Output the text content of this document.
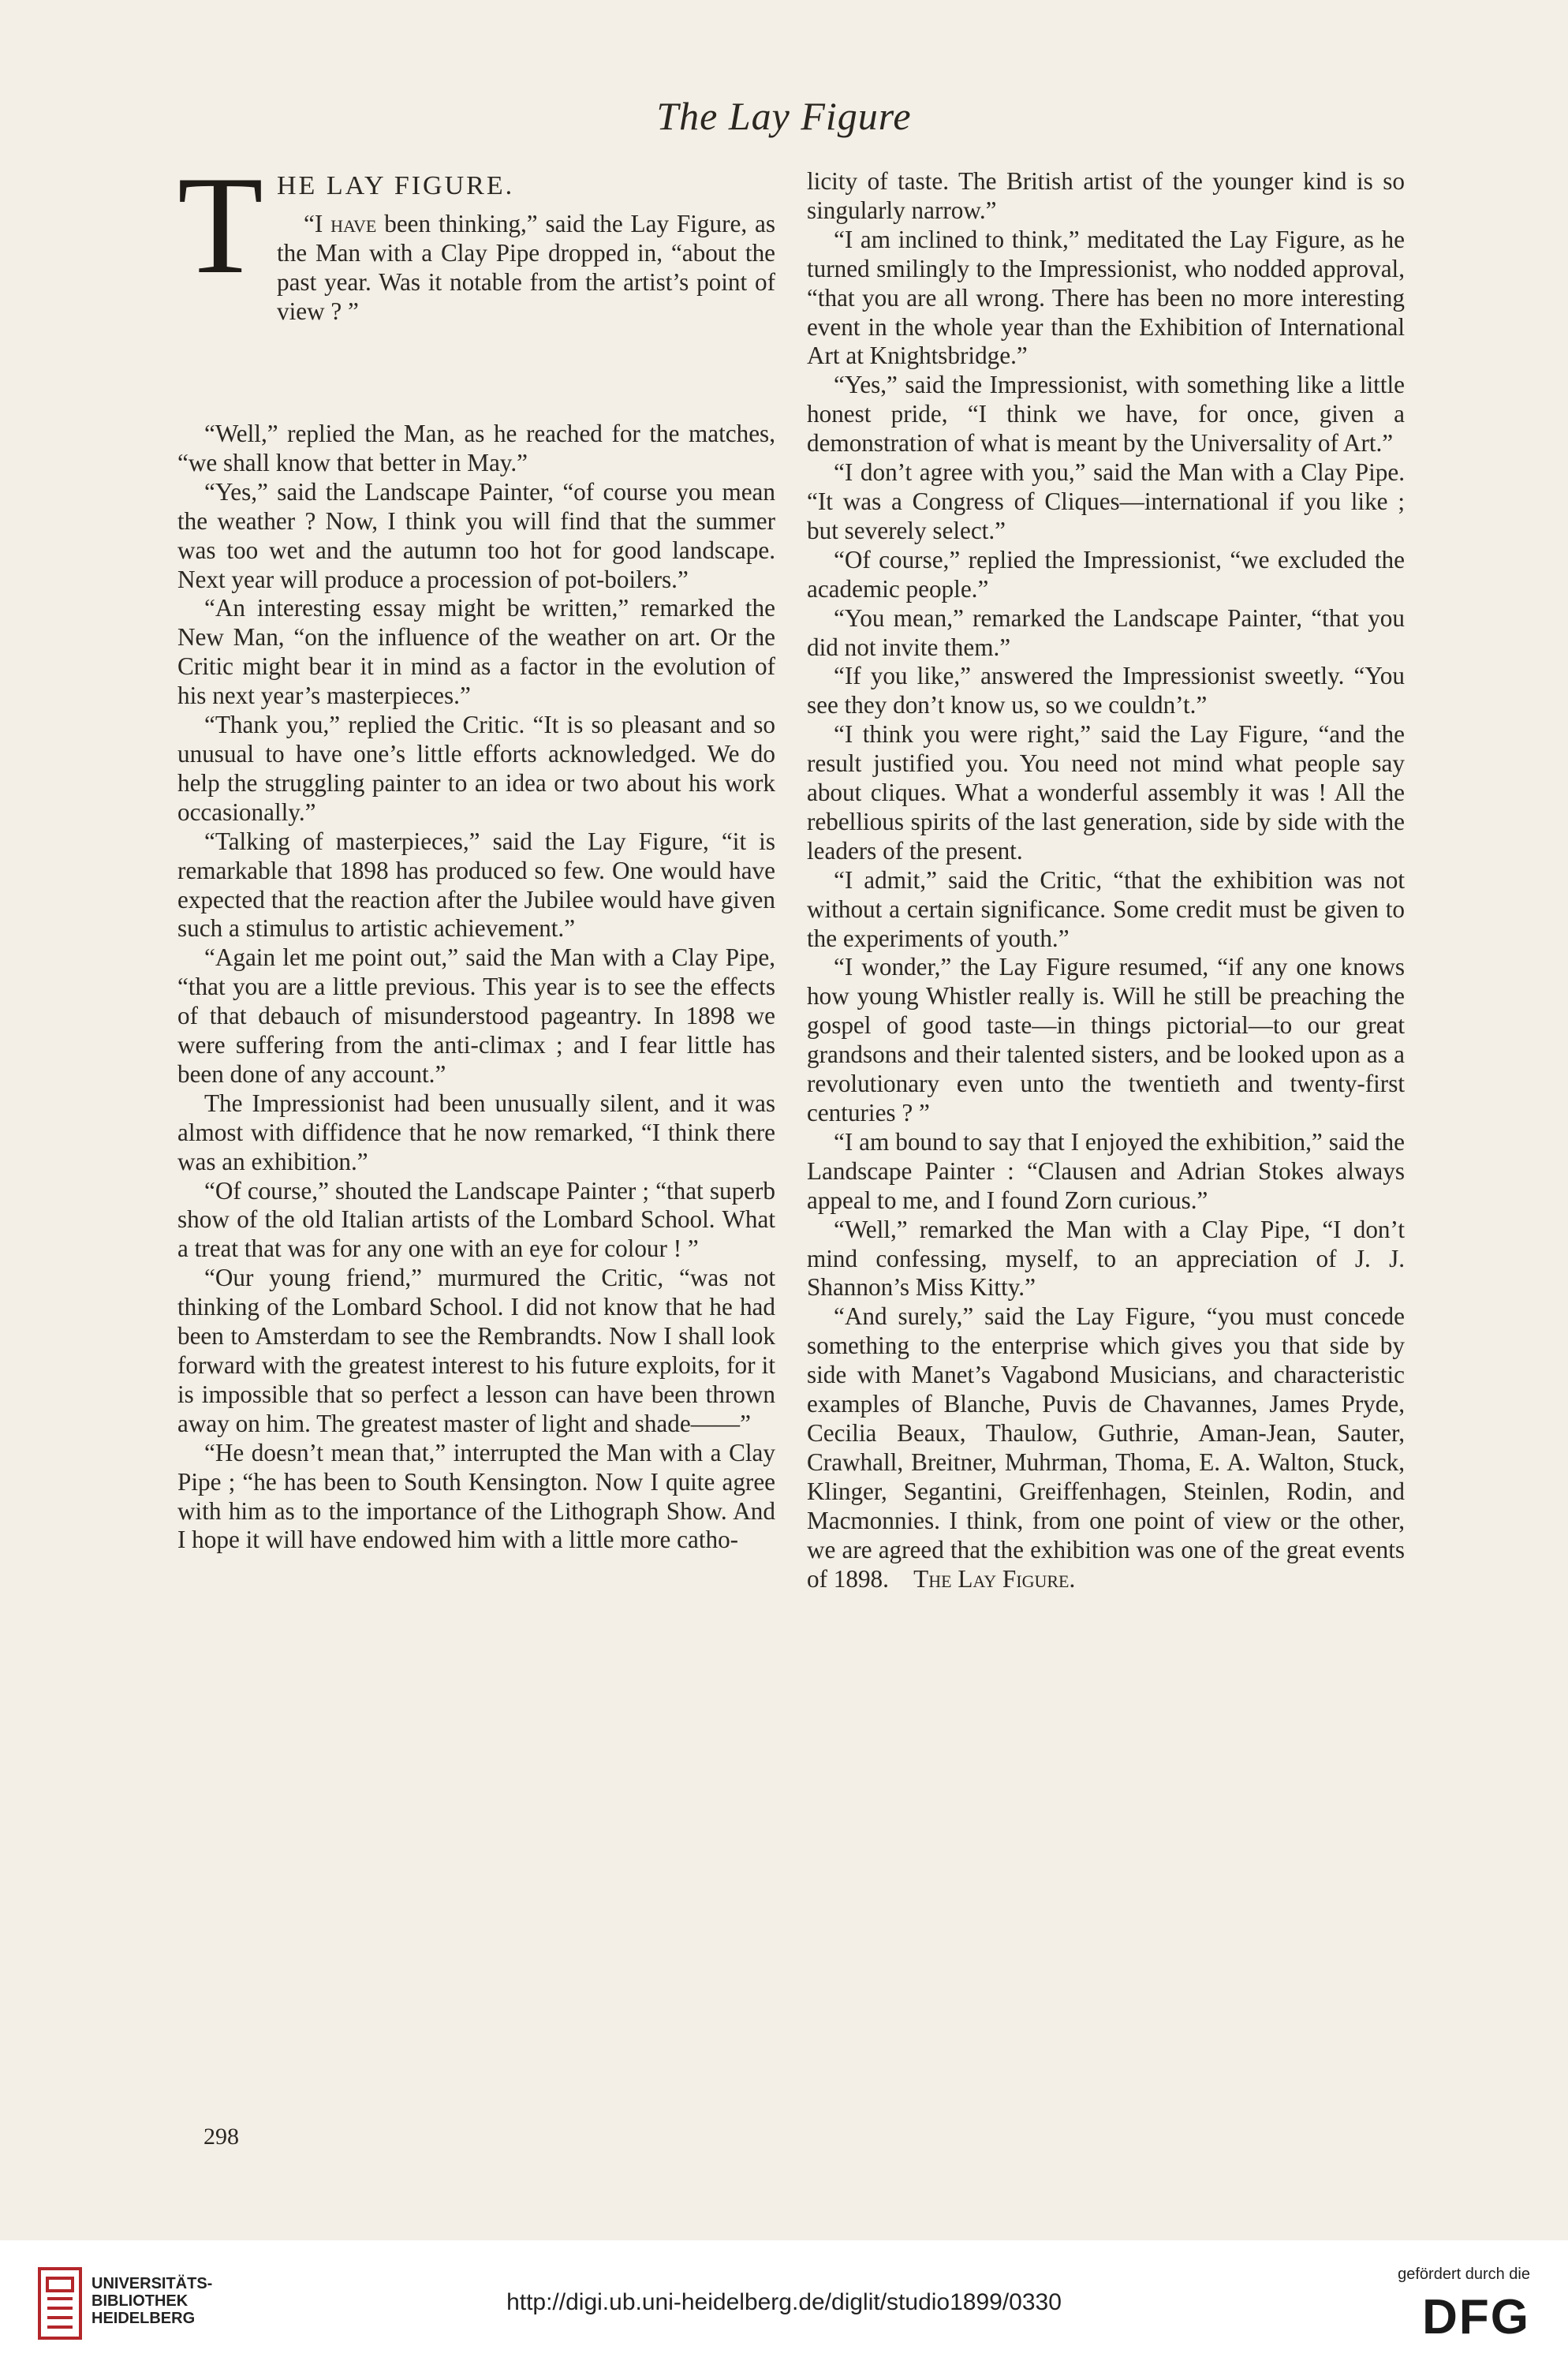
The Lay Figure
T HE LAY FIGURE.

“I have been thinking,” said the Lay Figure, as the Man with a Clay Pipe dropped in, “about the past year. Was it notable from the artist’s point of view ? ”

“Well,” replied the Man, as he reached for the matches, “we shall know that better in May.”

“Yes,” said the Landscape Painter, “of course you mean the weather ? Now, I think you will find that the summer was too wet and the autumn too hot for good landscape. Next year will produce a procession of pot-boilers.”

“An interesting essay might be written,” remarked the New Man, “on the influence of the weather on art. Or the Critic might bear it in mind as a factor in the evolution of his next year’s masterpieces.”

“Thank you,” replied the Critic. “It is so pleasant and so unusual to have one’s little efforts acknowledged. We do help the struggling painter to an idea or two about his work occasionally.”

“Talking of masterpieces,” said the Lay Figure, “it is remarkable that 1898 has produced so few. One would have expected that the reaction after the Jubilee would have given such a stimulus to artistic achievement.”

“Again let me point out,” said the Man with a Clay Pipe, “that you are a little previous. This year is to see the effects of that debauch of misunderstood pageantry. In 1898 we were suffering from the anti-climax ; and I fear little has been done of any account.”

The Impressionist had been unusually silent, and it was almost with diffidence that he now remarked, “I think there was an exhibition.”

“Of course,” shouted the Landscape Painter ; “that superb show of the old Italian artists of the Lombard School. What a treat that was for any one with an eye for colour ! ”

“Our young friend,” murmured the Critic, “was not thinking of the Lombard School. I did not know that he had been to Amsterdam to see the Rembrandts. Now I shall look forward with the greatest interest to his future exploits, for it is impossible that so perfect a lesson can have been thrown away on him. The greatest master of light and shade——”

“He doesn’t mean that,” interrupted the Man with a Clay Pipe ; “he has been to South Kensington. Now I quite agree with him as to the importance of the Lithograph Show. And I hope it will have endowed him with a little more catho-

licity of taste. The British artist of the younger kind is so singularly narrow.”

“I am inclined to think,” meditated the Lay Figure, as he turned smilingly to the Impressionist, who nodded approval, “that you are all wrong. There has been no more interesting event in the whole year than the Exhibition of International Art at Knightsbridge.”

“Yes,” said the Impressionist, with something like a little honest pride, “I think we have, for once, given a demonstration of what is meant by the Universality of Art.”

“I don’t agree with you,” said the Man with a Clay Pipe. “It was a Congress of Cliques—international if you like ; but severely select.”

“Of course,” replied the Impressionist, “we excluded the academic people.”

“You mean,” remarked the Landscape Painter, “that you did not invite them.”

“If you like,” answered the Impressionist sweetly. “You see they don’t know us, so we couldn’t.”

“I think you were right,” said the Lay Figure, “and the result justified you. You need not mind what people say about cliques. What a wonderful assembly it was ! All the rebellious spirits of the last generation, side by side with the leaders of the present.

“I admit,” said the Critic, “that the exhibition was not without a certain significance. Some credit must be given to the experiments of youth.”

“I wonder,” the Lay Figure resumed, “if any one knows how young Whistler really is. Will he still be preaching the gospel of good taste—in things pictorial—to our great grandsons and their talented sisters, and be looked upon as a revolutionary even unto the twentieth and twenty-first centuries ? ”

“I am bound to say that I enjoyed the exhibition,” said the Landscape Painter : “Clausen and Adrian Stokes always appeal to me, and I found Zorn curious.”

“Well,” remarked the Man with a Clay Pipe, “I don’t mind confessing, myself, to an appreciation of J. J. Shannon’s Miss Kitty.”

“And surely,” said the Lay Figure, “you must concede something to the enterprise which gives you that side by side with Manet’s Vagabond Musicians, and characteristic examples of Blanche, Puvis de Chavannes, James Pryde, Cecilia Beaux, Thaulow, Guthrie, Aman-Jean, Sauter, Crawhall, Breitner, Muhrman, Thoma, E. A. Walton, Stuck, Klinger, Segantini, Greiffenhagen, Steinlen, Rodin, and Macmonnies. I think, from one point of view or the other, we are agreed that the exhibition was one of the great events of 1898. The Lay Figure.

298
UNIVERSITÄTS-
BIBLIOTHEK
HEIDELBERG
http://digi.ub.uni-heidelberg.de/diglit/studio1899/0330
gefördert durch die
DFG
